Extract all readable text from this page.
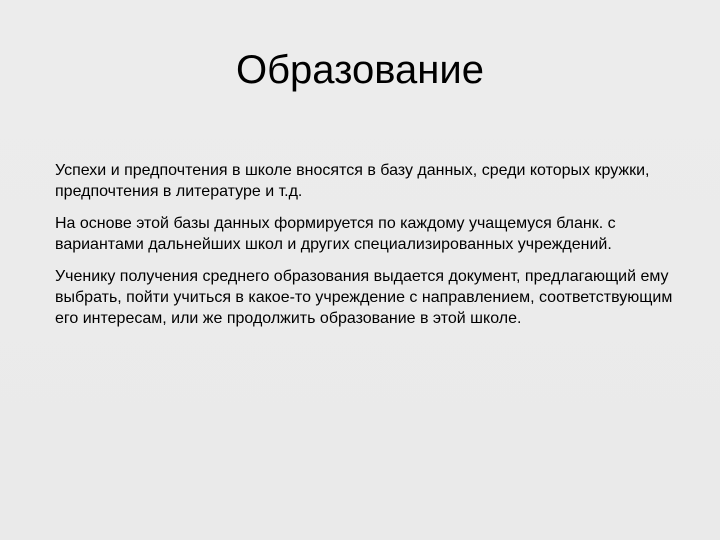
Образование

Успехи и предпочтения в школе вносятся в базу данных, среди которых кружки, предпочтения в литературе и т.д.

На основе этой базы данных формируется по каждому учащемуся бланк. с вариантами дальнейших школ и других специализированных учреждений.

Ученику получения среднего образования выдается документ, предлагающий ему выбрать, пойти учиться в какое-то учреждение с направлением, соответствующим его интересам, или же продолжить образование в этой школе.
